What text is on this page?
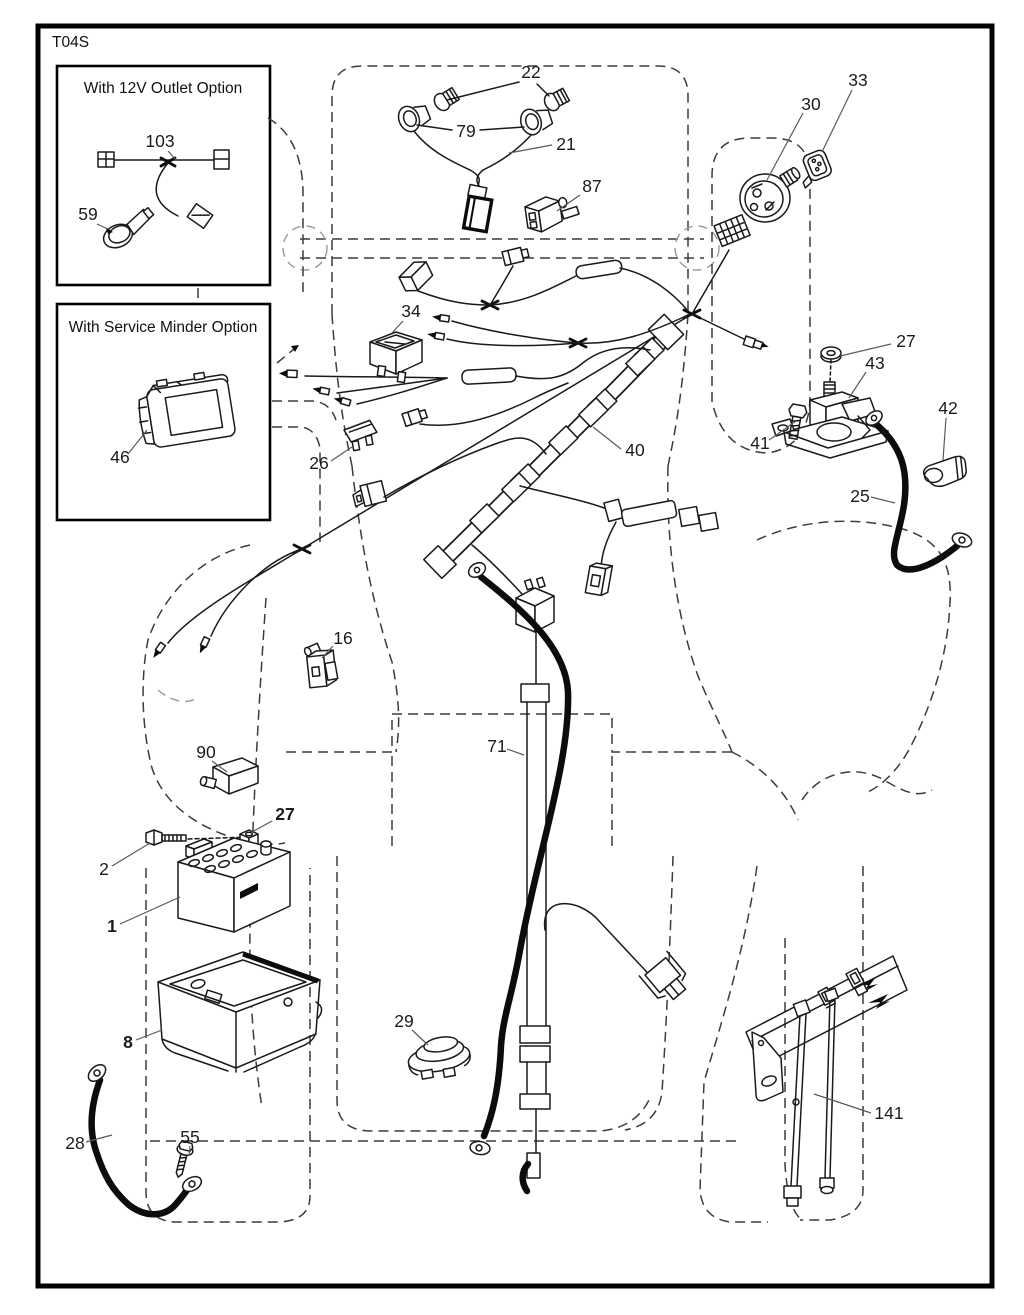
T04S
With 12V Outlet Option
103
59
With Service Minder Option
46
22
79
21
87
30
33
34
26
40
27
43
41
42
25
16
90
2
27
1
8
28	55
29
71
141
